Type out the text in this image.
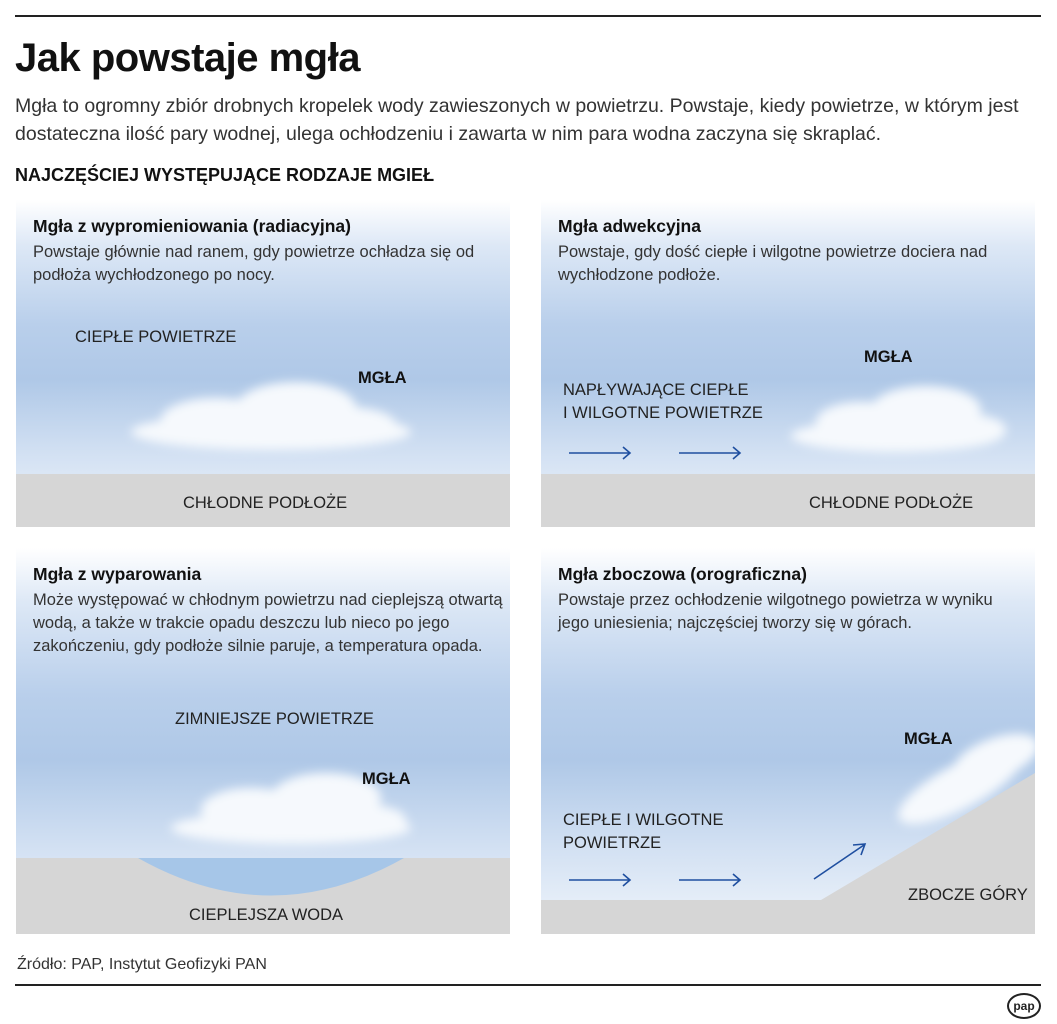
Jak powstaje mgła
Mgła to ogromny zbiór drobnych kropelek wody zawieszonych w powietrzu. Powstaje, kiedy powietrze, w którym jest dostateczna ilość pary wodnej, ulega ochłodzeniu i zawarta w nim para wodna zaczyna się skraplać.
NAJCZĘŚCIEJ WYSTĘPUJĄCE RODZAJE MGIEŁ
Mgła z wypromieniowania (radiacyjna)
Powstaje głównie nad ranem, gdy powietrze ochładza się od podłoża wychłodzonego po nocy.
CIEPŁE POWIETRZE
MGŁA
CHŁODNE PODŁOŻE
Mgła adwekcyjna
Powstaje, gdy dość ciepłe i wilgotne powietrze dociera nad wychłodzone podłoże.
NAPŁYWAJĄCE CIEPŁE
I WILGOTNE POWIETRZE
MGŁA
CHŁODNE PODŁOŻE
Mgła z wyparowania
Może występować w chłodnym powietrzu nad cieplejszą otwartą wodą, a także w trakcie opadu deszczu lub nieco po jego zakończeniu, gdy podłoże silnie paruje, a temperatura opada.
ZIMNIEJSZE POWIETRZE
MGŁA
CIEPLEJSZA WODA
Mgła zboczowa (orograficzna)
Powstaje przez ochłodzenie wilgotnego powietrza w wyniku jego uniesienia; najczęściej tworzy się w górach.
CIEPŁE I WILGOTNE
POWIETRZE
MGŁA
ZBOCZE GÓRY
Źródło: PAP, Instytut Geofizyki PAN
pap
